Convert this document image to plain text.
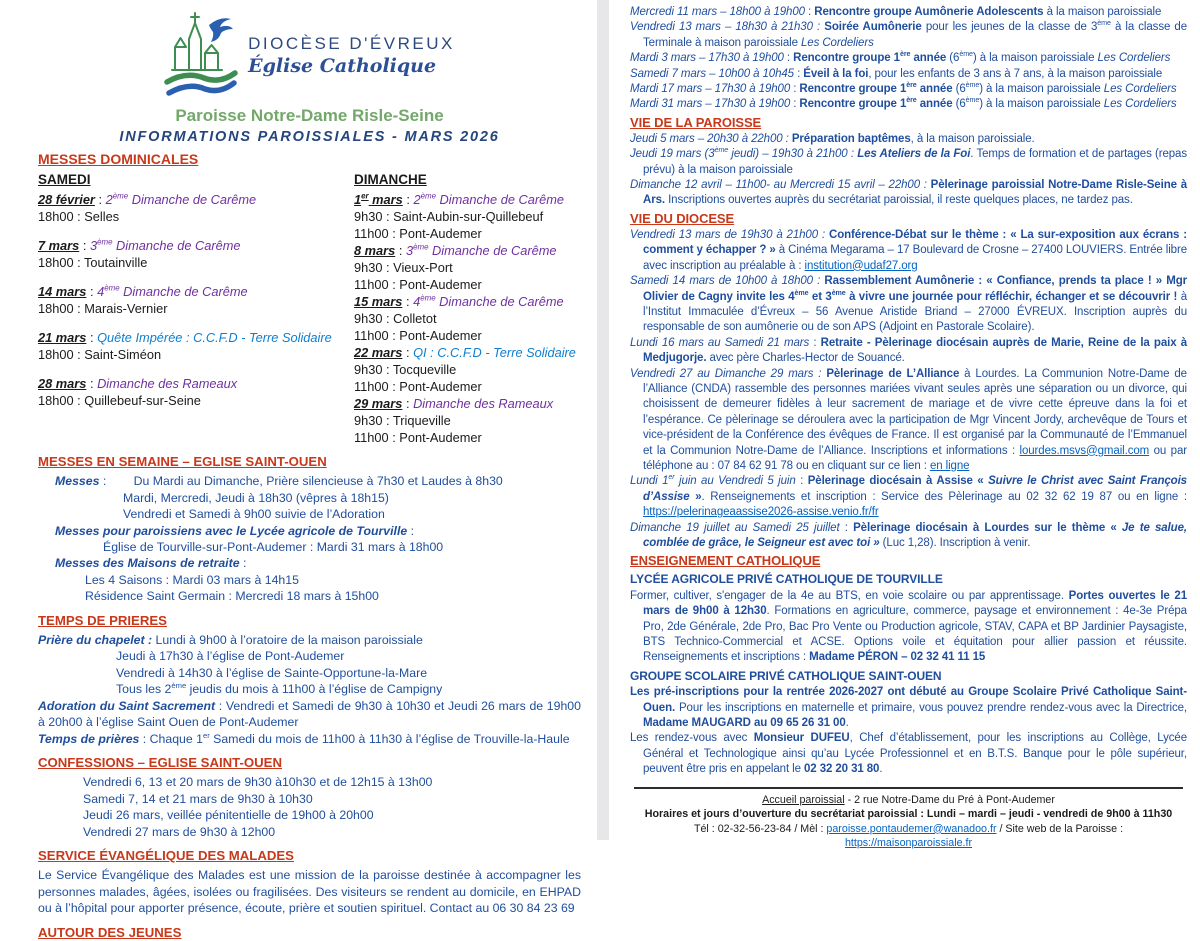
DIOCÈSE D'ÉVREUX
Église Catholique
Paroisse Notre-Dame Risle-Seine
INFORMATIONS PAROISSIALES - MARS 2026
MESSES DOMINICALES
SAMEDI
28 février : 2ème Dimanche de Carême
18h00 : Selles
7 mars : 3ème Dimanche de Carême
18h00 : Toutainville
14 mars : 4ème Dimanche de Carême
18h00 : Marais-Vernier
21 mars : Quête Impérée : C.C.F.D - Terre Solidaire
18h00 : Saint-Siméon
28 mars : Dimanche des Rameaux
18h00 : Quillebeuf-sur-Seine
DIMANCHE
1er mars : 2ème Dimanche de Carême
9h30 : Saint-Aubin-sur-Quillebeuf
11h00 : Pont-Audemer
8 mars : 3ème Dimanche de Carême
9h30 : Vieux-Port
11h00 : Pont-Audemer
15 mars : 4ème Dimanche de Carême
9h30 : Colletot
11h00 : Pont-Audemer
22 mars : QI : C.C.F.D - Terre Solidaire
9h30 : Tocqueville
11h00 : Pont-Audemer
29 mars : Dimanche des Rameaux
9h30 : Triqueville
11h00 : Pont-Audemer
MESSES EN SEMAINE – EGLISE SAINT-OUEN
Messes :        Du Mardi au Dimanche, Prière silencieuse à 7h30 et Laudes à 8h30
Mardi, Mercredi, Jeudi à 18h30 (vêpres à 18h15)
Vendredi et Samedi à 9h00 suivie de l’Adoration
Messes pour paroissiens avec le Lycée agricole de Tourville :
Église de Tourville-sur-Pont-Audemer : Mardi 31 mars à 18h00
Messes des Maisons de retraite :
Les 4 Saisons : Mardi 03 mars à 14h15
Résidence Saint Germain : Mercredi 18 mars à 15h00
TEMPS DE PRIERES
Prière du chapelet : Lundi à 9h00 à l’oratoire de la maison paroissiale
Jeudi à 17h30 à l’église de Pont-Audemer
Vendredi à 14h30 à l’église de Sainte-Opportune-la-Mare
Tous les 2ème jeudis du mois à 11h00 à l’église de Campigny
Adoration du Saint Sacrement : Vendredi et Samedi de 9h30 à 10h30 et Jeudi 26 mars de 19h00 à 20h00 à l’église Saint Ouen de Pont-Audemer
Temps de prières : Chaque 1er Samedi du mois de 11h00 à 11h30 à l’église de Trouville-la-Haule
CONFESSIONS – EGLISE SAINT-OUEN
Vendredi 6, 13 et 20 mars de 9h30 à10h30 et de 12h15 à 13h00
Samedi 7, 14 et 21 mars de 9h30 à 10h30
Jeudi 26 mars, veillée pénitentielle de 19h00 à 20h00
Vendredi 27 mars de 9h30 à 12h00
SERVICE ÉVANGÉLIQUE DES MALADES
Le Service Évangélique des Malades est une mission de la paroisse destinée à accompagner les personnes malades, âgées, isolées ou fragilisées. Des visiteurs se rendent au domicile, en EHPAD ou à l’hôpital pour apporter présence, écoute, prière et soutien spirituel. Contact au 06 30 84 23 69
AUTOUR DES JEUNES
Mercredi 11 mars – 18h00 à 19h00 : Rencontre groupe Aumônerie Adolescents à la maison paroissiale
Vendredi 13 mars – 18h30 à 21h30 : Soirée Aumônerie pour les jeunes de la classe de 3ème à la classe de Terminale à maison paroissiale Les Cordeliers
Mardi 3 mars – 17h30 à 19h00 : Rencontre groupe 1ère année (6ème) à la maison paroissiale Les Cordeliers
Samedi 7 mars – 10h00 à 10h45 : Éveil à la foi, pour les enfants de 3 ans à 7 ans, à la maison paroissiale
Mardi 17 mars – 17h30 à 19h00 : Rencontre groupe 1ère année (6ème) à la maison paroissiale Les Cordeliers
Mardi 31 mars – 17h30 à 19h00 : Rencontre groupe 1ère année (6ème) à la maison paroissiale Les Cordeliers
VIE DE LA PAROISSE
Jeudi 5 mars – 20h30 à 22h00 : Préparation baptêmes, à la maison paroissiale.
Jeudi 19 mars (3ème jeudi) – 19h30 à 21h00 : Les Ateliers de la Foi. Temps de formation et de partages (repas prévu) à la maison paroissiale
Dimanche 12 avril – 11h00- au Mercredi 15 avril – 22h00 : Pèlerinage paroissial Notre-Dame Risle-Seine à Ars. Inscriptions ouvertes auprès du secrétariat paroissial, il reste quelques places, ne tardez pas.
VIE DU DIOCESE
Vendredi 13 mars de 19h30 à 21h00 : Conférence-Débat sur le thème : « La sur-exposition aux écrans : comment y échapper ? » à Cinéma Megarama – 17 Boulevard de Crosne – 27400 LOUVIERS. Entrée libre avec inscription au préalable à : institution@udaf27.org
Samedi 14 mars de 10h00 à 18h00 : Rassemblement Aumônerie : « Confiance, prends ta place ! » Mgr Olivier de Cagny invite les 4ème et 3ème à vivre une journée pour réfléchir, échanger et se découvrir ! à l’Institut Immaculée d’Évreux – 56 Avenue Aristide Briand – 27000 ÉVREUX. Inscription auprès du responsable de son aumônerie ou de son APS (Adjoint en Pastorale Scolaire).
Lundi 16 mars au Samedi 21 mars : Retraite - Pèlerinage diocésain auprès de Marie, Reine de la paix à Medjugorje. avec père Charles-Hector de Souancé.
Vendredi 27 au Dimanche 29 mars : Pèlerinage de L’Alliance à Lourdes. La Communion Notre-Dame de l’Alliance (CNDA) rassemble des personnes mariées vivant seules après une séparation ou un divorce, qui choisissent de demeurer fidèles à leur sacrement de mariage et de vivre cette épreuve dans la foi et l’espérance. Ce pèlerinage se déroulera avec la participation de Mgr Vincent Jordy, archevêque de Tours et vice-président de la Conférence des évêques de France. Il est organisé par la Communauté de l’Emmanuel et la Communion Notre-Dame de l’Alliance. Inscriptions et informations : lourdes.msvs@gmail.com ou par téléphone au : 07 84 62 91 78 ou en cliquant sur ce lien : en ligne
Lundi 1er juin au Vendredi 5 juin : Pèlerinage diocésain à Assise « Suivre le Christ avec Saint François d’Assise ». Renseignements et inscription : Service des Pèlerinage au 02 32 62 19 87 ou en ligne : https://pelerinageaassise2026-assise.venio.fr/fr
Dimanche 19 juillet au Samedi 25 juillet : Pèlerinage diocésain à Lourdes sur le thème « Je te salue, comblée de grâce, le Seigneur est avec toi » (Luc 1,28). Inscription à venir.
ENSEIGNEMENT CATHOLIQUE
LYCÉE AGRICOLE PRIVÉ CATHOLIQUE DE TOURVILLE
Former, cultiver, s'engager de la 4e au BTS, en voie scolaire ou par apprentissage. Portes ouvertes le 21 mars de 9h00 à 12h30. Formations en agriculture, commerce, paysage et environnement : 4e-3e Prépa Pro, 2de Générale, 2de Pro, Bac Pro Vente ou Production agricole, STAV, CAPA et BP Jardinier Paysagiste, BTS Technico-Commercial et ACSE. Options voile et équitation pour allier passion et réussite. Renseignements et inscriptions : Madame PÉRON – 02 32 41 11 15
GROUPE SCOLAIRE PRIVÉ CATHOLIQUE SAINT-OUEN
Les pré-inscriptions pour la rentrée 2026-2027 ont débuté au Groupe Scolaire Privé Catholique Saint-Ouen. Pour les inscriptions en maternelle et primaire, vous pouvez prendre rendez-vous avec la Directrice, Madame MAUGARD au 09 65 26 31 00.
Les rendez-vous avec Monsieur DUFEU, Chef d’établissement, pour les inscriptions au Collège, Lycée Général et Technologique ainsi qu’au Lycée Professionnel et en B.T.S. Banque pour le pôle supérieur, peuvent être pris en appelant le 02 32 20 31 80.
Accueil paroissial - 2 rue Notre-Dame du Pré à Pont-Audemer
Horaires et jours d’ouverture du secrétariat paroissial : Lundi – mardi – jeudi - vendredi de 9h00 à 11h30
Tél : 02-32-56-23-84 / Mèl : paroisse.pontaudemer@wanadoo.fr / Site web de la Paroisse : https://maisonparoissiale.fr
